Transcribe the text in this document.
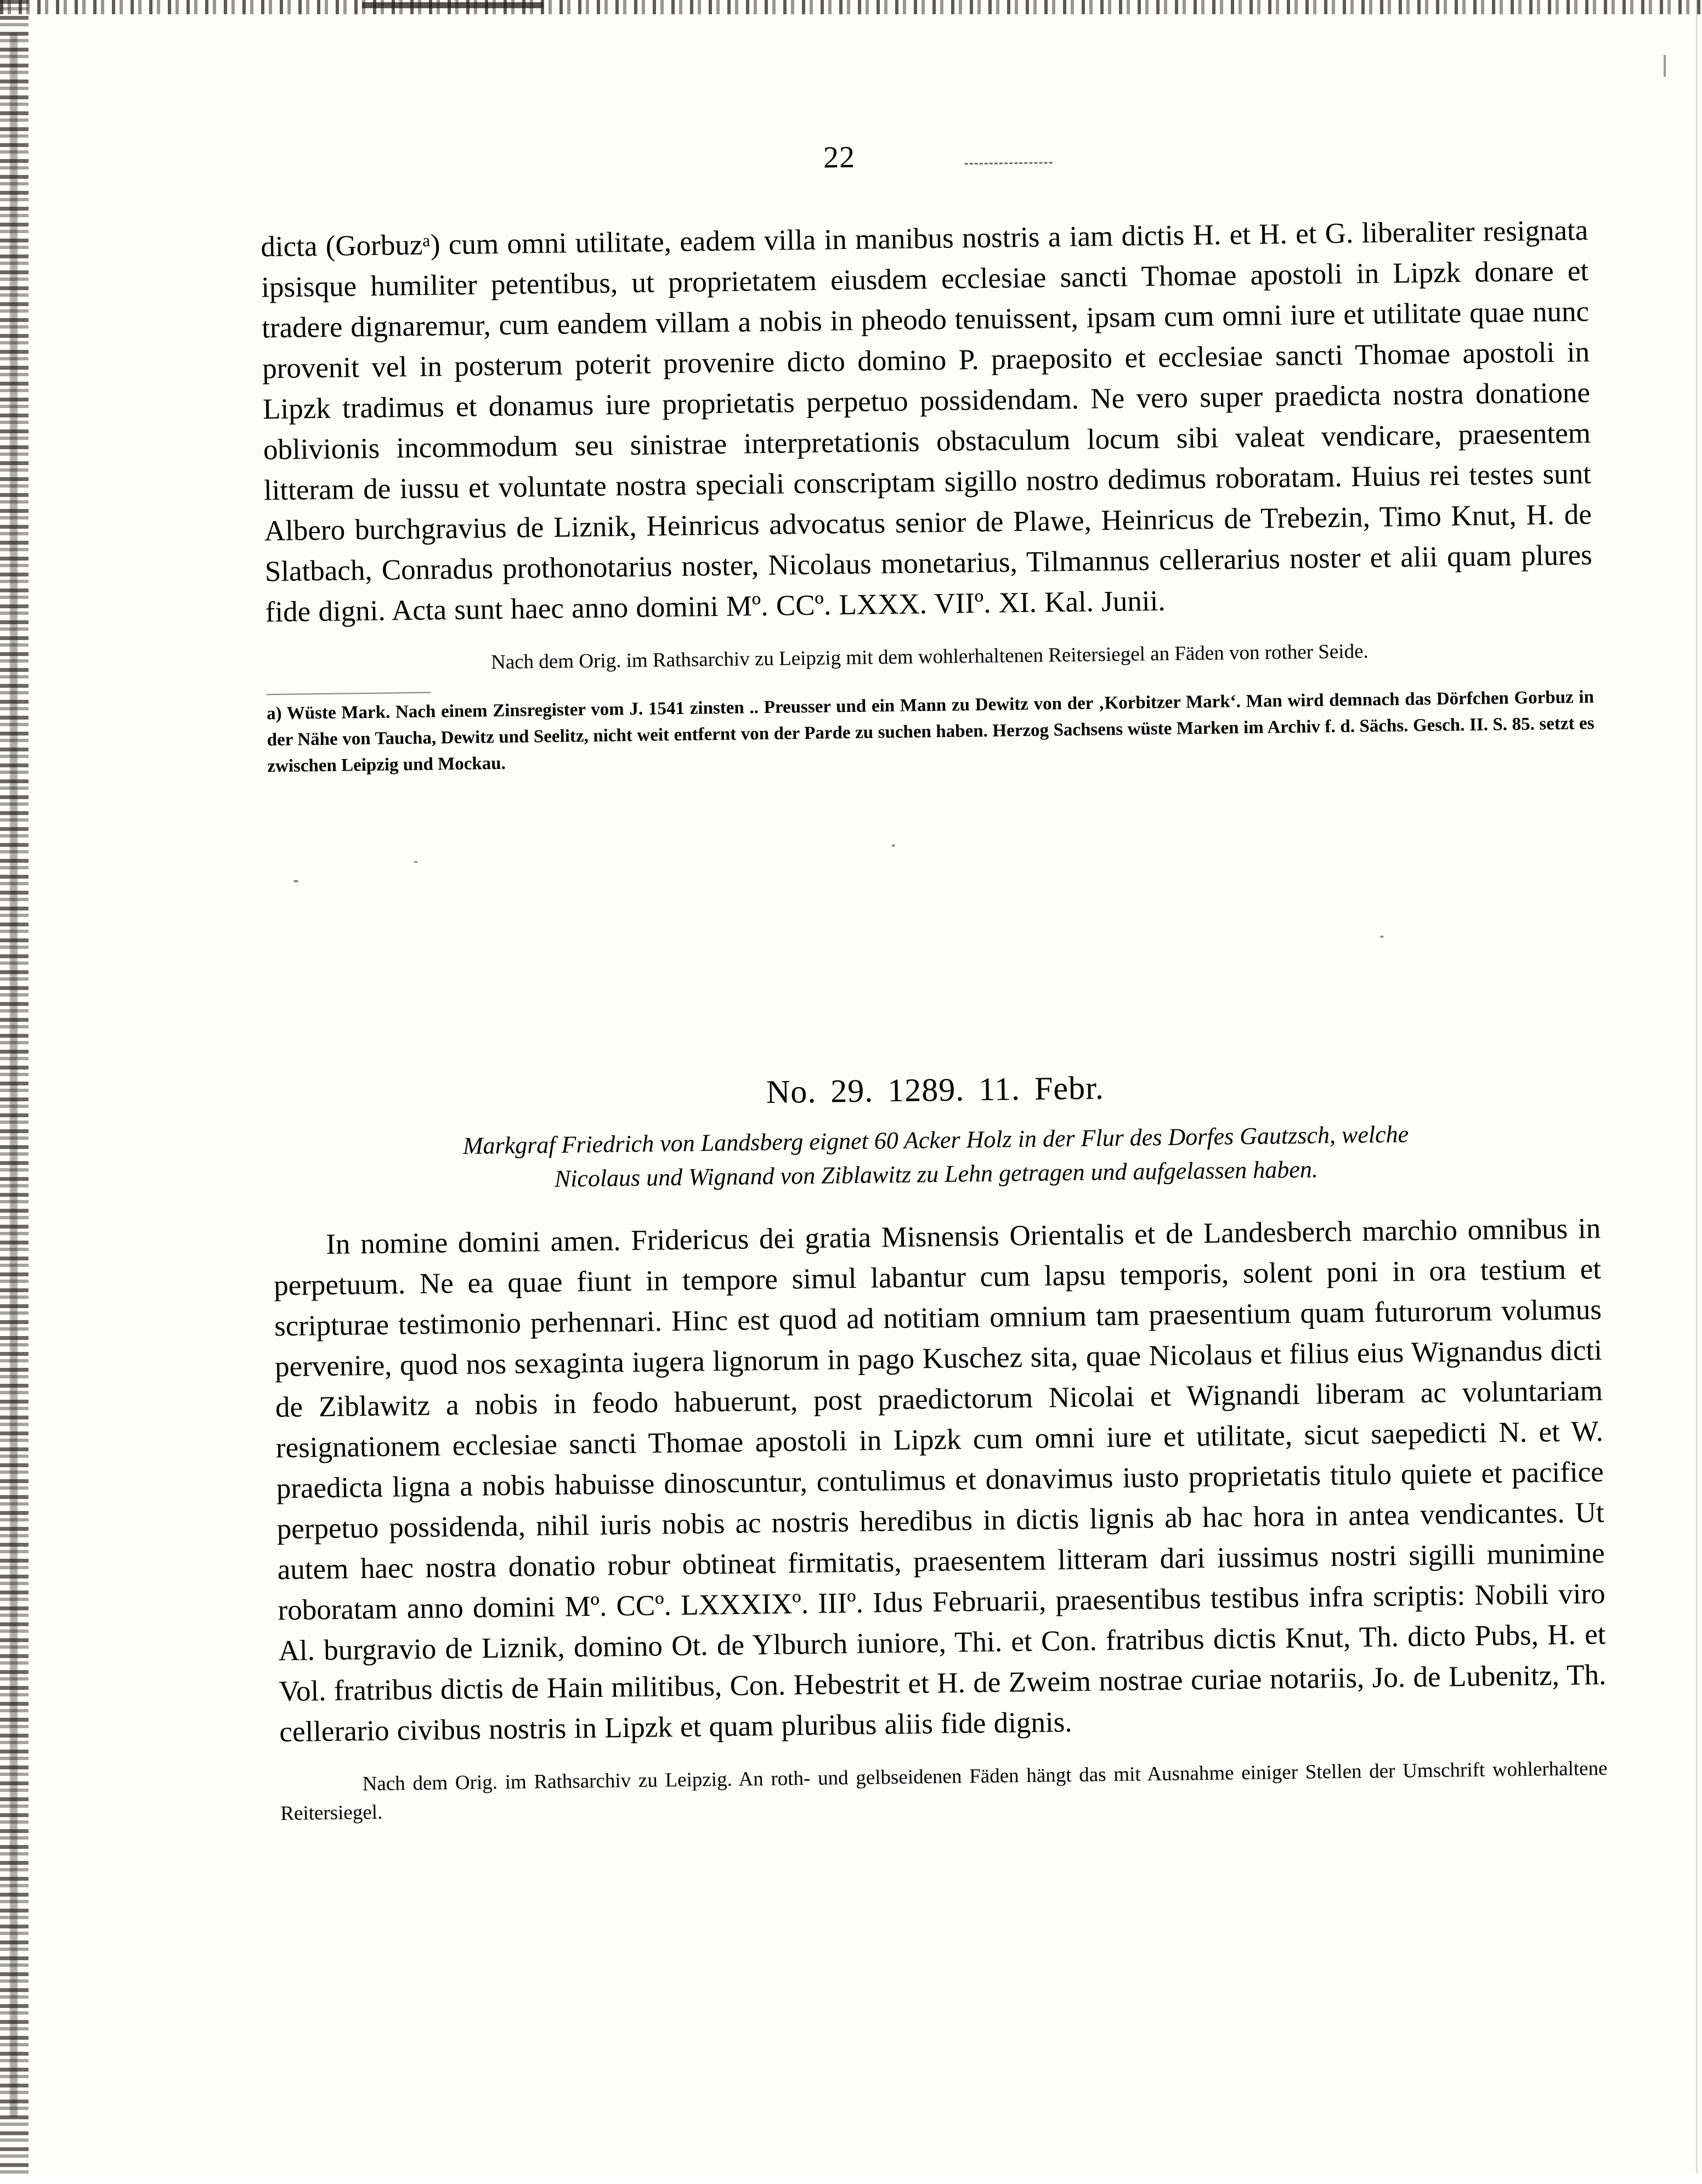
22
dicta (Gorbuzᵃ) cum omni utilitate, eadem villa in manibus nostris a iam dictis H. et H. et G. liberaliter resignata ipsisque humiliter petentibus, ut proprietatem eiusdem ecclesiae sancti Thomae apostoli in Lipzk donare et tradere dignaremur, cum eandem villam a nobis in pheodo tenuissent, ipsam cum omni iure et utilitate quae nunc provenit vel in posterum poterit provenire dicto domino P. praeposito et ecclesiae sancti Thomae apostoli in Lipzk tradimus et donamus iure proprietatis perpetuo possidendam. Ne vero super praedicta nostra donatione oblivionis incommodum seu sinistrae interpretationis obstaculum locum sibi valeat vendicare, praesentem litteram de iussu et voluntate nostra speciali conscriptam sigillo nostro dedimus roboratam. Huius rei testes sunt Albero burchgravius de Liznik, Heinricus advocatus senior de Plawe, Heinricus de Trebezin, Timo Knut, H. de Slatbach, Conradus prothonotarius noster, Nicolaus monetarius, Tilmannus cellerarius noster et alii quam plures fide digni. Acta sunt haec anno domini Mº. CCº. LXXX. VIIº. XI. Kal. Junii.
Nach dem Orig. im Rathsarchiv zu Leipzig mit dem wohlerhaltenen Reitersiegel an Fäden von rother Seide.
a) Wüste Mark. Nach einem Zinsregister vom J. 1541 zinsten .. Preusser und ein Mann zu Dewitz von der ‚Korbitzer Mark‘. Man wird demnach das Dörfchen Gorbuz in der Nähe von Taucha, Dewitz und Seelitz, nicht weit entfernt von der Parde zu suchen haben. Herzog Sachsens wüste Marken im Archiv f. d. Sächs. Gesch. II. S. 85. setzt es zwischen Leipzig und Mockau.
No. 29. 1289. 11. Febr.
Markgraf Friedrich von Landsberg eignet 60 Acker Holz in der Flur des Dorfes Gautzsch, welche
Nicolaus und Wignand von Ziblawitz zu Lehn getragen und aufgelassen haben.

In nomine domini amen. Fridericus dei gratia Misnensis Orientalis et de Landesberch marchio omnibus in perpetuum. Ne ea quae fiunt in tempore simul labantur cum lapsu temporis, solent poni in ora testium et scripturae testimonio perhennari. Hinc est quod ad notitiam omnium tam praesentium quam futurorum volumus pervenire, quod nos sexaginta iugera lignorum in pago Kuschez sita, quae Nicolaus et filius eius Wignandus dicti de Ziblawitz a nobis in feodo habuerunt, post praedictorum Nicolai et Wignandi liberam ac voluntariam resignationem ecclesiae sancti Thomae apostoli in Lipzk cum omni iure et utilitate, sicut saepedicti N. et W. praedicta ligna a nobis habuisse dinoscuntur, contulimus et donavimus iusto proprietatis titulo quiete et pacifice perpetuo possidenda, nihil iuris nobis ac nostris heredibus in dictis lignis ab hac hora in antea vendicantes. Ut autem haec nostra donatio robur obtineat firmitatis, praesentem litteram dari iussimus nostri sigilli munimine roboratam anno domini Mº. CCº. LXXXIXº. IIIº. Idus Februarii, praesentibus testibus infra scriptis: Nobili viro Al. burgravio de Liznik, domino Ot. de Ylburch iuniore, Thi. et Con. fratribus dictis Knut, Th. dicto Pubs, H. et Vol. fratribus dictis de Hain militibus, Con. Hebestrit et H. de Zweim nostrae curiae notariis, Jo. de Lubenitz, Th. cellerario civibus nostris in Lipzk et quam pluribus aliis fide dignis.

Nach dem Orig. im Rathsarchiv zu Leipzig. An roth- und gelbseidenen Fäden hängt das mit Ausnahme einiger Stellen der Umschrift wohlerhaltene Reitersiegel.
